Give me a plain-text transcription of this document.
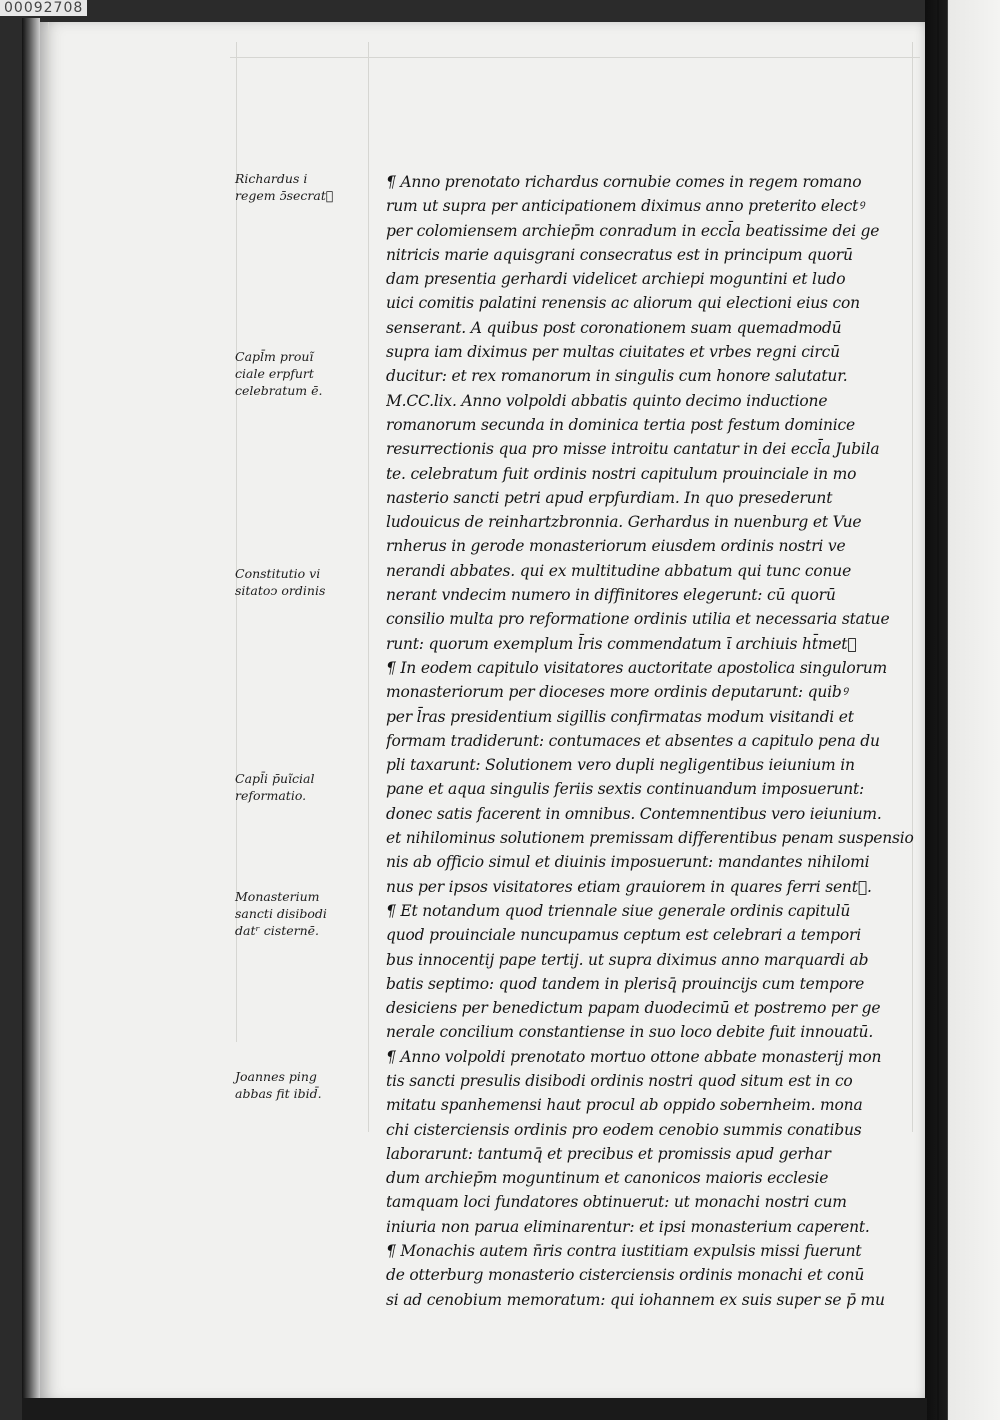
00092708
Richardus i
regem ɔ̄secrat᷑
Capl̄m prouĩ
ciale erpfurt
celebratum ē.
Constitutio vi
sitatoↄ ordinis
Capl̄i p̄uĩcial
reformatio.
Monasterium
sancti disibodi
datʳ cisternē.
Joannes ping
abbas fit ibid̄.
¶ Anno prenotato richardus cornubie comes in regem romano
rum ut supra per anticipationem diximus anno preterito electꝰ
per colomiensem archiep̄m conradum in eccl̄a beatissime dei ge
nitricis marie aquisgrani consecratus est in principum quorū
dam presentia gerhardi videlicet archiepi moguntini et ludo
uici comitis palatini renensis ac aliorum qui electioni eius con
senserant. A quibus post coronationem suam quemadmodū
supra iam diximus per multas ciuitates et vrbes regni circū
ducitur: et rex romanorum in singulis cum honore salutatur.
M.CC.lix. Anno volpoldi abbatis quinto decimo inductione
romanorum secunda in dominica tertia post festum dominice
resurrectionis qua pro misse introitu cantatur in dei eccl̄a Jubila
te. celebratum fuit ordinis nostri capitulum prouinciale in mo
nasterio sancti petri apud erpfurdiam. In quo presederunt
ludouicus de reinhartzbronnia. Gerhardus in nuenburg et Vue
rnherus in gerode monasteriorum eiusdem ordinis nostri ve
nerandi abbates. qui ex multitudine abbatum qui tunc conue
nerant vndecim numero in diffinitores elegerunt: cū quorū
consilio multa pro reformatione ordinis utilia et necessaria statue
runt: quorum exemplum l̄ris commendatum ī archiuis ht̄met᷑
¶ In eodem capitulo visitatores auctoritate apostolica singulorum
monasteriorum per dioceses more ordinis deputarunt: quibꝰ
per l̄ras presidentium sigillis confirmatas modum visitandi et
formam tradiderunt: contumaces et absentes a capitulo pena du
pli taxarunt: Solutionem vero dupli negligentibus ieiunium in
pane et aqua singulis feriis sextis continuandum imposuerunt:
donec satis facerent in omnibus. Contemnentibus vero ieiunium.
et nihilominus solutionem premissam differentibus penam suspensio
nis ab officio simul et diuinis imposuerunt: mandantes nihilomi
nus per ipsos visitatores etiam grauiorem in quares ferri sentᷓ.
¶ Et notandum quod triennale siue generale ordinis capitulū
quod prouinciale nuncupamus ceptum est celebrari a tempori
bus innocentij pape tertij. ut supra diximus anno marquardi ab
batis septimo: quod tandem in plerisq̄ prouincijs cum tempore
desiciens per benedictum papam duodecimū et postremo per ge
nerale concilium constantiense in suo loco debite fuit innouatū.
¶ Anno volpoldi prenotato mortuo ottone abbate monasterij mon
tis sancti presulis disibodi ordinis nostri quod situm est in co
mitatu spanhemensi haut procul ab oppido sobernheim. mona
chi cisterciensis ordinis pro eodem cenobio summis conatibus
laborarunt: tantumq̄ et precibus et promissis apud gerhar
dum archiep̄m moguntinum et canonicos maioris ecclesie
tamquam loci fundatores obtinuerut: ut monachi nostri cum
iniuria non parua eliminarentur: et ipsi monasterium caperent.
¶ Monachis autem n̄ris contra iustitiam expulsis missi fuerunt
de otterburg monasterio cisterciensis ordinis monachi et conū
si ad cenobium memoratum: qui iohannem ex suis super se p̄ mu
